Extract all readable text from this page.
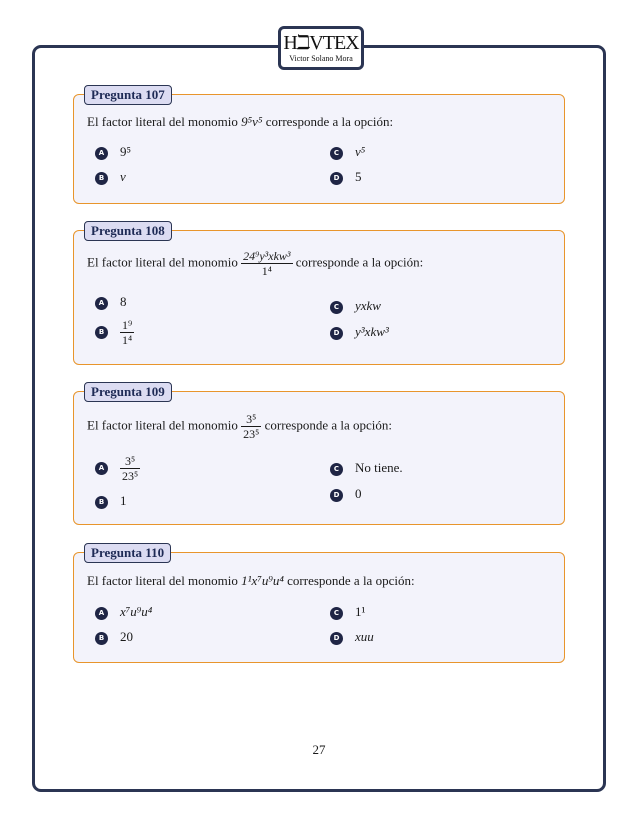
HℶVTEX
Victor Solano Mora
Pregunta 107
El factor literal del monomio 9⁵v⁵ corresponde a la opción:
A 9⁵
B v
C v⁵
D 5
Pregunta 108
El factor literal del monomio $\frac{\text{24⁹y³xkw³}}{\text{1⁴}}$ corresponde a la opción:
A 8
B $\frac{\text{1⁹}}{\text{1⁴}}$
C yxkw
D y³xkw³
Pregunta 109
El factor literal del monomio $\frac{\text{3⁵}}{\text{23⁵}}$ corresponde a la opción:
A $\frac{\text{3⁵}}{\text{23⁵}}$
B 1
C No tiene.
D 0
Pregunta 110
El factor literal del monomio 1¹x⁷u⁹u⁴ corresponde a la opción:
A x⁷u⁹u⁴
B 20
C 1¹
D xuu
27
